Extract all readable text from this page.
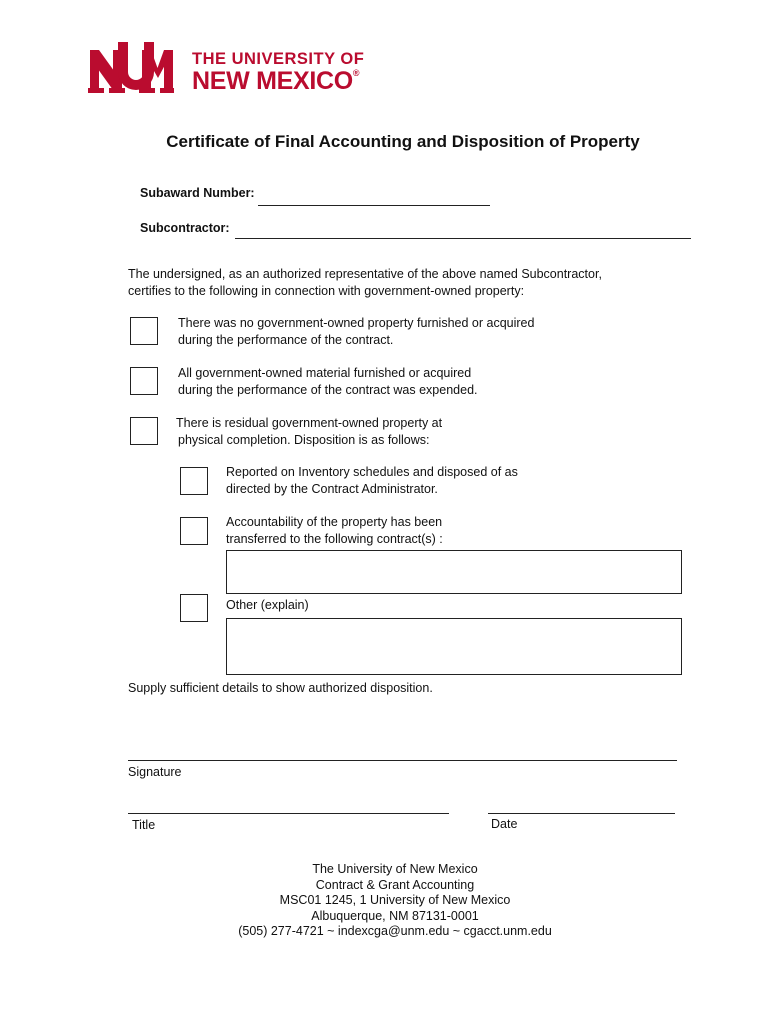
THE UNIVERSITY OF
NEW MEXICO®
Certificate of Final Accounting and Disposition of Property
Subaward Number:
Subcontractor:
The undersigned, as an authorized representative of the above named Subcontractor,
certifies to the following in connection with government-owned property:
There was no government-owned property furnished or acquired
during the performance of the contract.
All government-owned material furnished or acquired
during the performance of the contract was expended.
There is residual government-owned property at
physical completion. Disposition is as follows:
Reported on Inventory schedules and disposed of as
directed by the Contract Administrator.
Accountability of the property has been
transferred to the following contract(s) :
Other (explain)
Supply sufficient details to show authorized disposition.
Signature
Title	Date
The University of New Mexico
Contract & Grant Accounting
MSC01 1245, 1 University of New Mexico
Albuquerque, NM 87131-0001
(505) 277-4721 ~ indexcga@unm.edu ~ cgacct.unm.edu
